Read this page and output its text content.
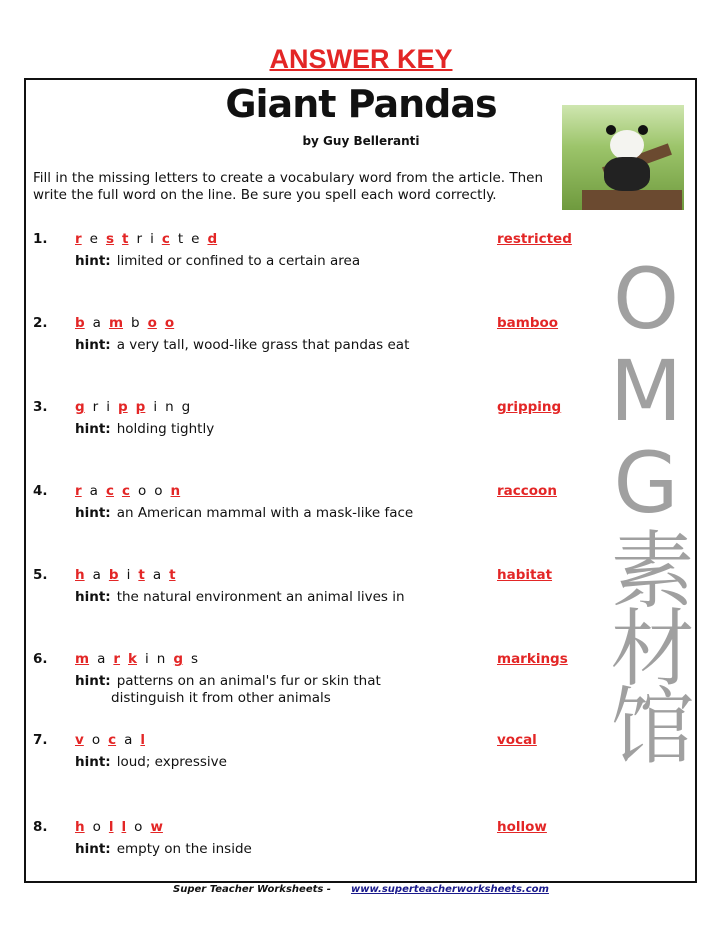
ANSWER KEY
Giant Pandas
by Guy Belleranti
Fill in the missing letters to create a vocabulary word from the article. Then write the full word on the line. Be sure you spell each word correctly.
1. r e s t r i c t e d	restricted
hint: limited or confined to a certain area
2. b a m b o o	bamboo
hint: a very tall, wood-like grass that pandas eat
3. g r i p p i n g	gripping
hint: holding tightly
4. r a c c o o n	raccoon
hint: an American mammal with a mask-like face
5. h a b i t a t	habitat
hint: the natural environment an animal lives in
6. m a r k i n g s	markings
hint: patterns on an animal's fur or skin that
distinguish it from other animals
7. v o c a l	vocal
hint: loud; expressive
8. h o l l o w	hollow
hint: empty on the inside
OMG素材馆
Super Teacher Worksheets - www.superteacherworksheets.com
